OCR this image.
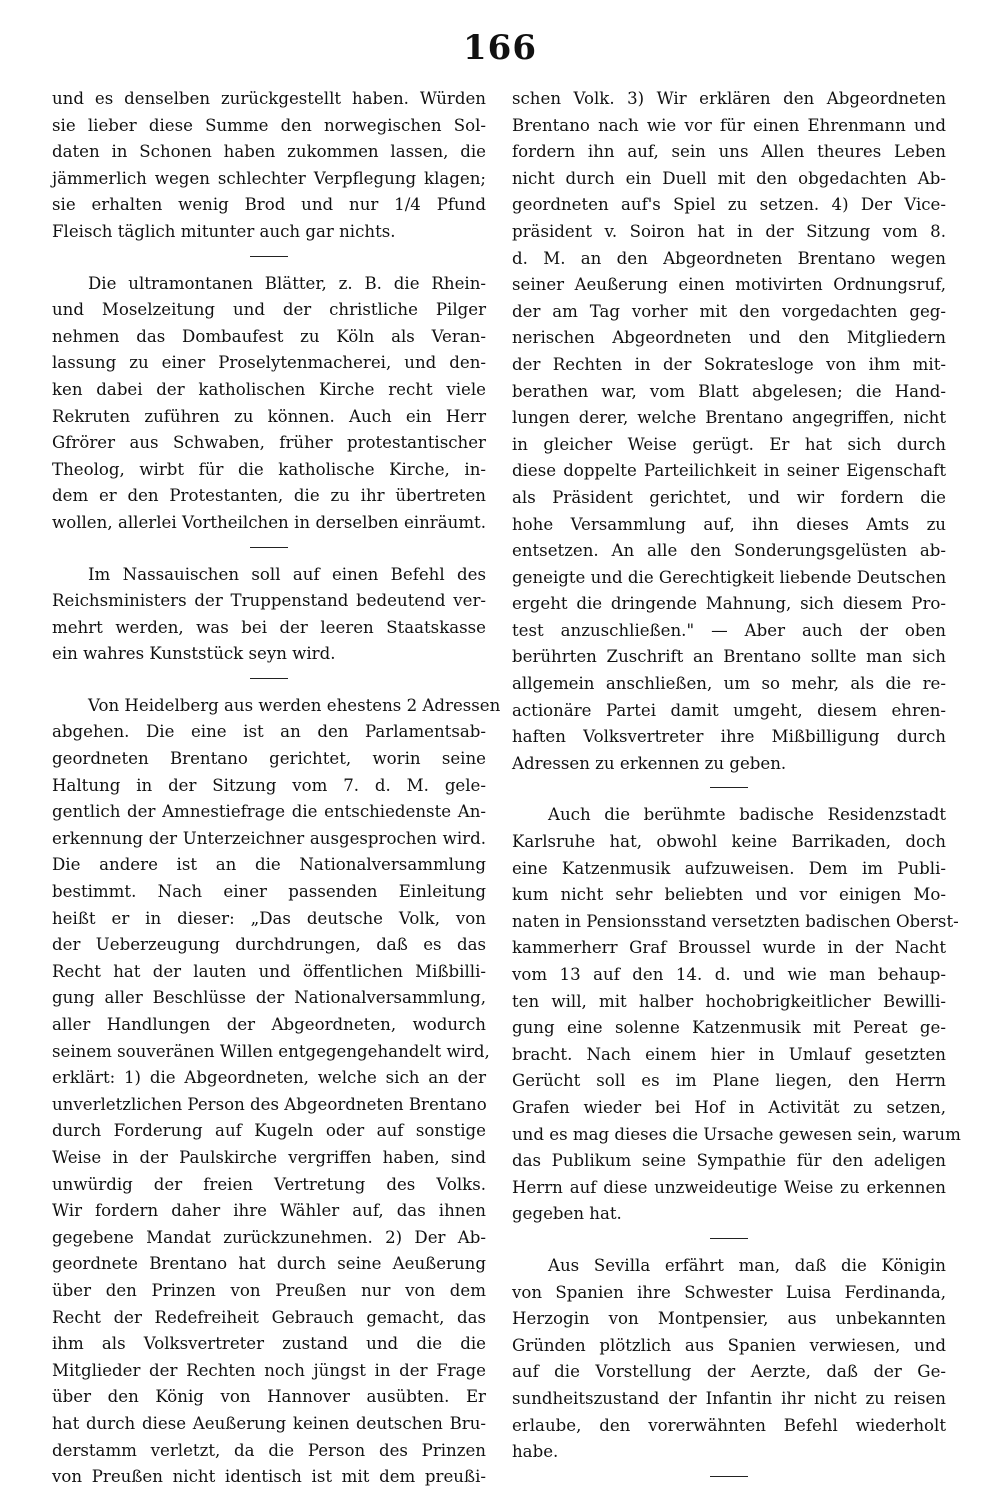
166
und es denselben zurückgestellt haben. Würden
sie lieber diese Summe den norwegischen Sol-
daten in Schonen haben zukommen lassen, die
jämmerlich wegen schlechter Verpflegung klagen;
sie erhalten wenig Brod und nur 1/4 Pfund
Fleisch täglich mitunter auch gar nichts.
Die ultramontanen Blätter, z. B. die Rhein-
und Moselzeitung und der christliche Pilger
nehmen das Dombaufest zu Köln als Veran-
lassung zu einer Proselytenmacherei, und den-
ken dabei der katholischen Kirche recht viele
Rekruten zuführen zu können. Auch ein Herr
Gfrörer aus Schwaben, früher protestantischer
Theolog, wirbt für die katholische Kirche, in-
dem er den Protestanten, die zu ihr übertreten
wollen, allerlei Vortheilchen in derselben einräumt.
Im Nassauischen soll auf einen Befehl des
Reichsministers der Truppenstand bedeutend ver-
mehrt werden, was bei der leeren Staatskasse
ein wahres Kunststück seyn wird.
Von Heidelberg aus werden ehestens 2 Adressen
abgehen. Die eine ist an den Parlamentsab-
geordneten Brentano gerichtet, worin seine
Haltung in der Sitzung vom 7. d. M. gele-
gentlich der Amnestiefrage die entschiedenste An-
erkennung der Unterzeichner ausgesprochen wird.
Die andere ist an die Nationalversammlung
bestimmt. Nach einer passenden Einleitung
heißt er in dieser: „Das deutsche Volk, von
der Ueberzeugung durchdrungen, daß es das
Recht hat der lauten und öffentlichen Mißbilli-
gung aller Beschlüsse der Nationalversammlung,
aller Handlungen der Abgeordneten, wodurch
seinem souveränen Willen entgegengehandelt wird,
erklärt: 1) die Abgeordneten, welche sich an der
unverletzlichen Person des Abgeordneten Brentano
durch Forderung auf Kugeln oder auf sonstige
Weise in der Paulskirche vergriffen haben, sind
unwürdig der freien Vertretung des Volks.
Wir fordern daher ihre Wähler auf, das ihnen
gegebene Mandat zurückzunehmen. 2) Der Ab-
geordnete Brentano hat durch seine Aeußerung
über den Prinzen von Preußen nur von dem
Recht der Redefreiheit Gebrauch gemacht, das
ihm als Volksvertreter zustand und die die
Mitglieder der Rechten noch jüngst in der Frage
über den König von Hannover ausübten. Er
hat durch diese Aeußerung keinen deutschen Bru-
derstamm verletzt, da die Person des Prinzen
von Preußen nicht identisch ist mit dem preußi-
schen Volk. 3) Wir erklären den Abgeordneten
Brentano nach wie vor für einen Ehrenmann und
fordern ihn auf, sein uns Allen theures Leben
nicht durch ein Duell mit den obgedachten Ab-
geordneten auf's Spiel zu setzen. 4) Der Vice-
präsident v. Soiron hat in der Sitzung vom 8.
d. M. an den Abgeordneten Brentano wegen
seiner Aeußerung einen motivirten Ordnungsruf,
der am Tag vorher mit den vorgedachten geg-
nerischen Abgeordneten und den Mitgliedern
der Rechten in der Sokratesloge von ihm mit-
berathen war, vom Blatt abgelesen; die Hand-
lungen derer, welche Brentano angegriffen, nicht
in gleicher Weise gerügt. Er hat sich durch
diese doppelte Parteilichkeit in seiner Eigenschaft
als Präsident gerichtet, und wir fordern die
hohe Versammlung auf, ihn dieses Amts zu
entsetzen. An alle den Sonderungsgelüsten ab-
geneigte und die Gerechtigkeit liebende Deutschen
ergeht die dringende Mahnung, sich diesem Pro-
test anzuschließen." — Aber auch der oben
berührten Zuschrift an Brentano sollte man sich
allgemein anschließen, um so mehr, als die re-
actionäre Partei damit umgeht, diesem ehren-
haften Volksvertreter ihre Mißbilligung durch
Adressen zu erkennen zu geben.
Auch die berühmte badische Residenzstadt
Karlsruhe hat, obwohl keine Barrikaden, doch
eine Katzenmusik aufzuweisen. Dem im Publi-
kum nicht sehr beliebten und vor einigen Mo-
naten in Pensionsstand versetzten badischen Oberst-
kammerherr Graf Broussel wurde in der Nacht
vom 13 auf den 14. d. und wie man behaup-
ten will, mit halber hochobrigkeitlicher Bewilli-
gung eine solenne Katzenmusik mit Pereat ge-
bracht. Nach einem hier in Umlauf gesetzten
Gerücht soll es im Plane liegen, den Herrn
Grafen wieder bei Hof in Activität zu setzen,
und es mag dieses die Ursache gewesen sein, warum
das Publikum seine Sympathie für den adeligen
Herrn auf diese unzweideutige Weise zu erkennen
gegeben hat.
Aus Sevilla erfährt man, daß die Königin
von Spanien ihre Schwester Luisa Ferdinanda,
Herzogin von Montpensier, aus unbekannten
Gründen plötzlich aus Spanien verwiesen, und
auf die Vorstellung der Aerzte, daß der Ge-
sundheitszustand der Infantin ihr nicht zu reisen
erlaube, den vorerwähnten Befehl wiederholt
habe.
